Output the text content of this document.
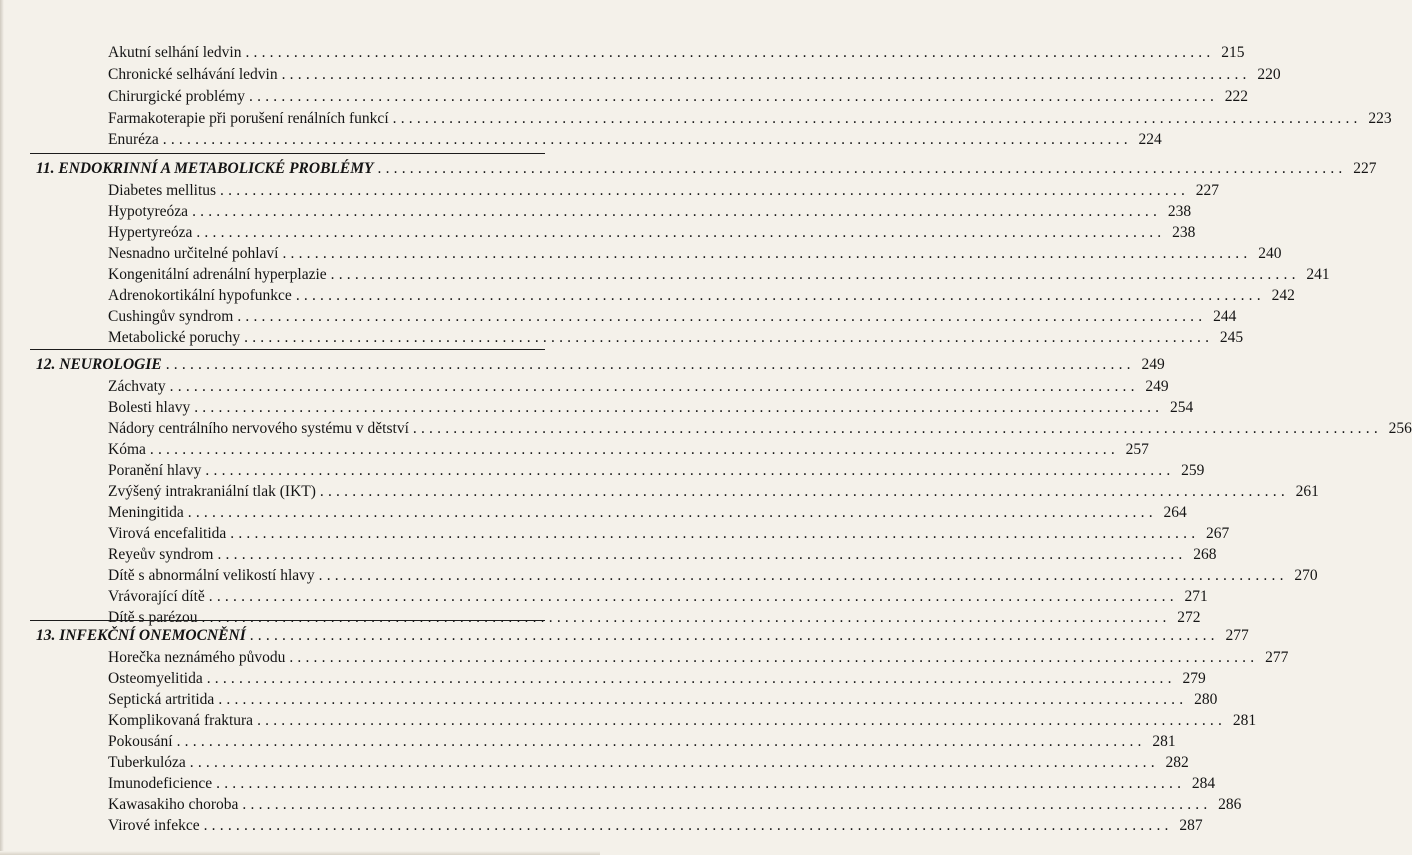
Akutní selhání ledvin ........................................................................................................................ 215
Chronické selhávání ledvin ........................................................................................................................ 220
Chirurgické problémy ........................................................................................................................ 222
Farmakoterapie při porušení renálních funkcí ........................................................................................................................ 223
Enuréza ........................................................................................................................ 224
11. ENDOKRINNÍ A METABOLICKÉ PROBLÉMY ........................................................................................................................ 227
Diabetes mellitus ........................................................................................................................ 227
Hypotyreóza ........................................................................................................................ 238
Hypertyreóza ........................................................................................................................ 238
Nesnadno určitelné pohlaví ........................................................................................................................ 240
Kongenitální adrenální hyperplazie ........................................................................................................................ 241
Adrenokortikální hypofunkce ........................................................................................................................ 242
Cushingův syndrom ........................................................................................................................ 244
Metabolické poruchy ........................................................................................................................ 245
12. NEUROLOGIE ........................................................................................................................ 249
Záchvaty ........................................................................................................................ 249
Bolesti hlavy ........................................................................................................................ 254
Nádory centrálního nervového systému v dětství ........................................................................................................................ 256
Kóma ........................................................................................................................ 257
Poranění hlavy ........................................................................................................................ 259
Zvýšený intrakraniální tlak (IKT) ........................................................................................................................ 261
Meningitida ........................................................................................................................ 264
Virová encefalitida ........................................................................................................................ 267
Reyeův syndrom ........................................................................................................................ 268
Dítě s abnormální velikostí hlavy ........................................................................................................................ 270
Vrávorající dítě ........................................................................................................................ 271
Dítě s parézou ........................................................................................................................ 272
13. INFEKČNÍ ONEMOCNĚNÍ ........................................................................................................................ 277
Horečka neznámého původu ........................................................................................................................ 277
Osteomyelitida ........................................................................................................................ 279
Septická artritida ........................................................................................................................ 280
Komplikovaná fraktura ........................................................................................................................ 281
Pokousání ........................................................................................................................ 281
Tuberkulóza ........................................................................................................................ 282
Imunodeficience ........................................................................................................................ 284
Kawasakiho choroba ........................................................................................................................ 286
Virové infekce ........................................................................................................................ 287
